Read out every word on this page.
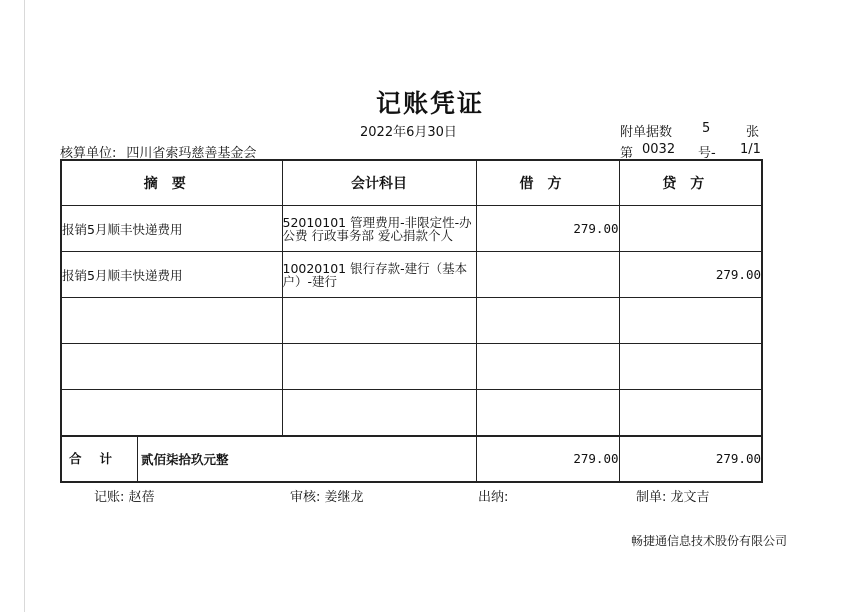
记账凭证
2022年6月30日	附单据数 5	张
核算单位: 四川省索玛慈善基金会	第 0032 号- 1/1
摘要	会计科目	借方	贷方
报销5月顺丰快递费用	52010101 管理费用-非限定性-办公费 行政事务部 爱心捐款个人	279.00	
报销5月顺丰快递费用	10020101 银行存款-建行（基本户）-建行		279.00

合计 贰佰柒拾玖元整		279.00	279.00
记账: 赵蓓	审核: 姜继龙	出纳:	制单: 龙文吉
畅捷通信息技术股份有限公司
